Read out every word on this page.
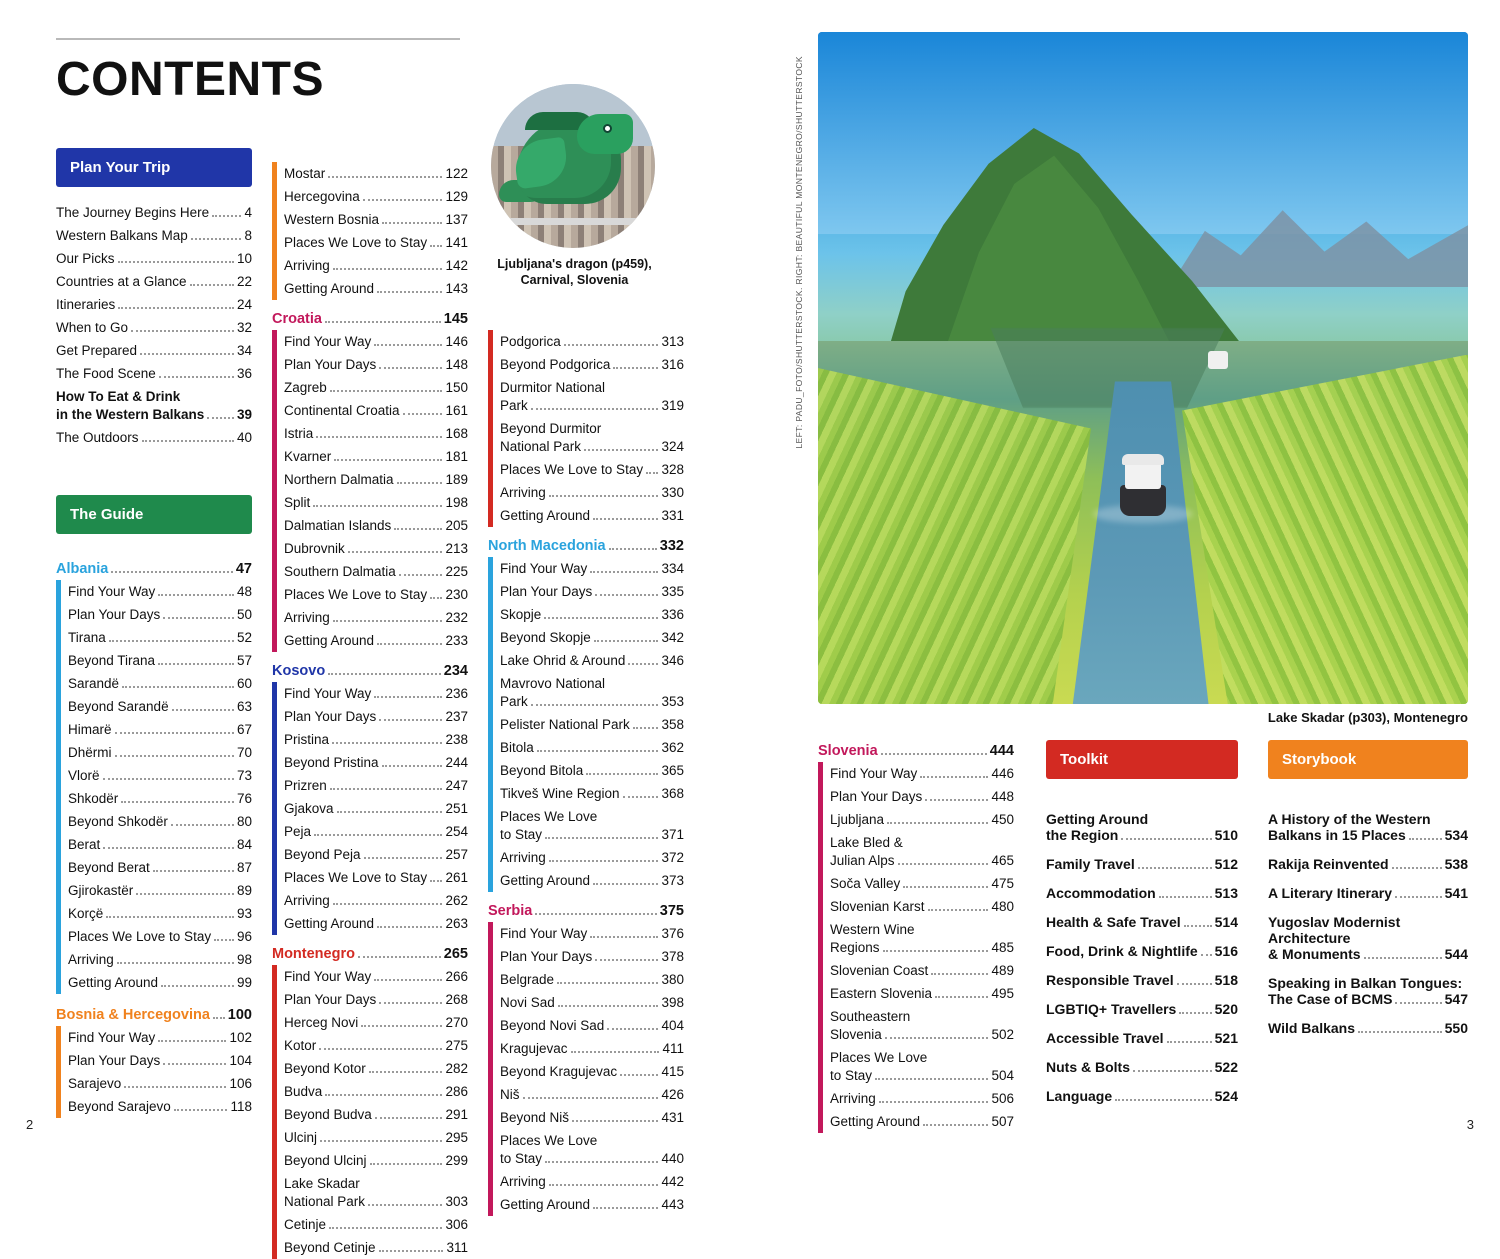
CONTENTS
Plan Your Trip
The Journey Begins Here	4
Western Balkans Map	8
Our Picks	10
Countries at a Glance	22
Itineraries	24
When to Go	32
Get Prepared	34
The Food Scene	36
How To Eat & Drink
in the Western Balkans 39
The Outdoors	40
The Guide
Albania	47
Find Your Way	48
Plan Your Days	50
Tirana	52
Beyond Tirana	57
Sarandë	60
Beyond Sarandë	63
Himarë	67
Dhërmi	70
Vlorë	73
Shkodër	76
Beyond Shkodër	80
Berat	84
Beyond Berat	87
Gjirokastër	89
Korçë	93
Places We Love to Stay 96
Arriving	98
Getting Around	99
Bosnia & Hercegovina 100
Find Your Way	102
Plan Your Days	104
Sarajevo	106
Beyond Sarajevo	118
Mostar	122
Hercegovina	129
Western Bosnia	137
Places We Love to Stay 141
Arriving	142
Getting Around	143
Croatia	145
Find Your Way	146
Plan Your Days	148
Zagreb	150
Continental Croatia	161
Istria	168
Kvarner	181
Northern Dalmatia	189
Split	198
Dalmatian Islands	205
Dubrovnik	213
Southern Dalmatia	225
Places We Love to Stay 230
Arriving	232
Getting Around	233
Kosovo	234
Find Your Way	236
Plan Your Days	237
Pristina	238
Beyond Pristina	244
Prizren	247
Gjakova	251
Peja	254
Beyond Peja	257
Places We Love to Stay 261
Arriving	262
Getting Around	263
Montenegro	265
Find Your Way	266
Plan Your Days	268
Herceg Novi	270
Kotor	275
Beyond Kotor	282
Budva	286
Beyond Budva	291
Ulcinj	295
Beyond Ulcinj	299
Lake Skadar
National Park	303
Cetinje	306
Beyond Cetinje	311
Podgorica	313
Beyond Podgorica	316
Durmitor National
Park	319
Beyond Durmitor
National Park	324
Places We Love to Stay 328
Arriving	330
Getting Around	331
North Macedonia	332
Find Your Way	334
Plan Your Days	335
Skopje	336
Beyond Skopje	342
Lake Ohrid & Around	346
Mavrovo National
Park	353
Pelister National Park 358
Bitola	362
Beyond Bitola	365
Tikveš Wine Region	368
Places We Love
to Stay	371
Arriving	372
Getting Around	373
Serbia	375
Find Your Way	376
Plan Your Days	378
Belgrade	380
Novi Sad	398
Beyond Novi Sad	404
Kragujevac	411
Beyond Kragujevac	415
Niš	426
Beyond Niš	431
Places We Love
to Stay	440
Arriving	442
Getting Around	443
Ljubljana's dragon (p459), Carnival, Slovenia
2
LEFT: PADU_FOTO/SHUTTERSTOCK. RIGHT: BEAUTIFUL MONTENEGRO/SHUTTERSTOCK
Lake Skadar (p303), Montenegro
Slovenia	444
Find Your Way	446
Plan Your Days	448
Ljubljana	450
Lake Bled &
Julian Alps	465
Soča Valley	475
Slovenian Karst	480
Western Wine
Regions	485
Slovenian Coast	489
Eastern Slovenia	495
Southeastern
Slovenia	502
Places We Love
to Stay	504
Arriving	506
Getting Around	507
Toolkit
Getting Around
the Region	510
Family Travel	512
Accommodation	513
Health & Safe Travel 514
Food, Drink & Nightlife 516
Responsible Travel	518
LGBTIQ+ Travellers	520
Accessible Travel	521
Nuts & Bolts	522
Language	524
Storybook
A History of the Western
Balkans in 15 Places	534
Rakija Reinvented	538
A Literary Itinerary	541
Yugoslav Modernist Architecture
& Monuments	544
Speaking in Balkan Tongues:
The Case of BCMS	547
Wild Balkans	550
3
